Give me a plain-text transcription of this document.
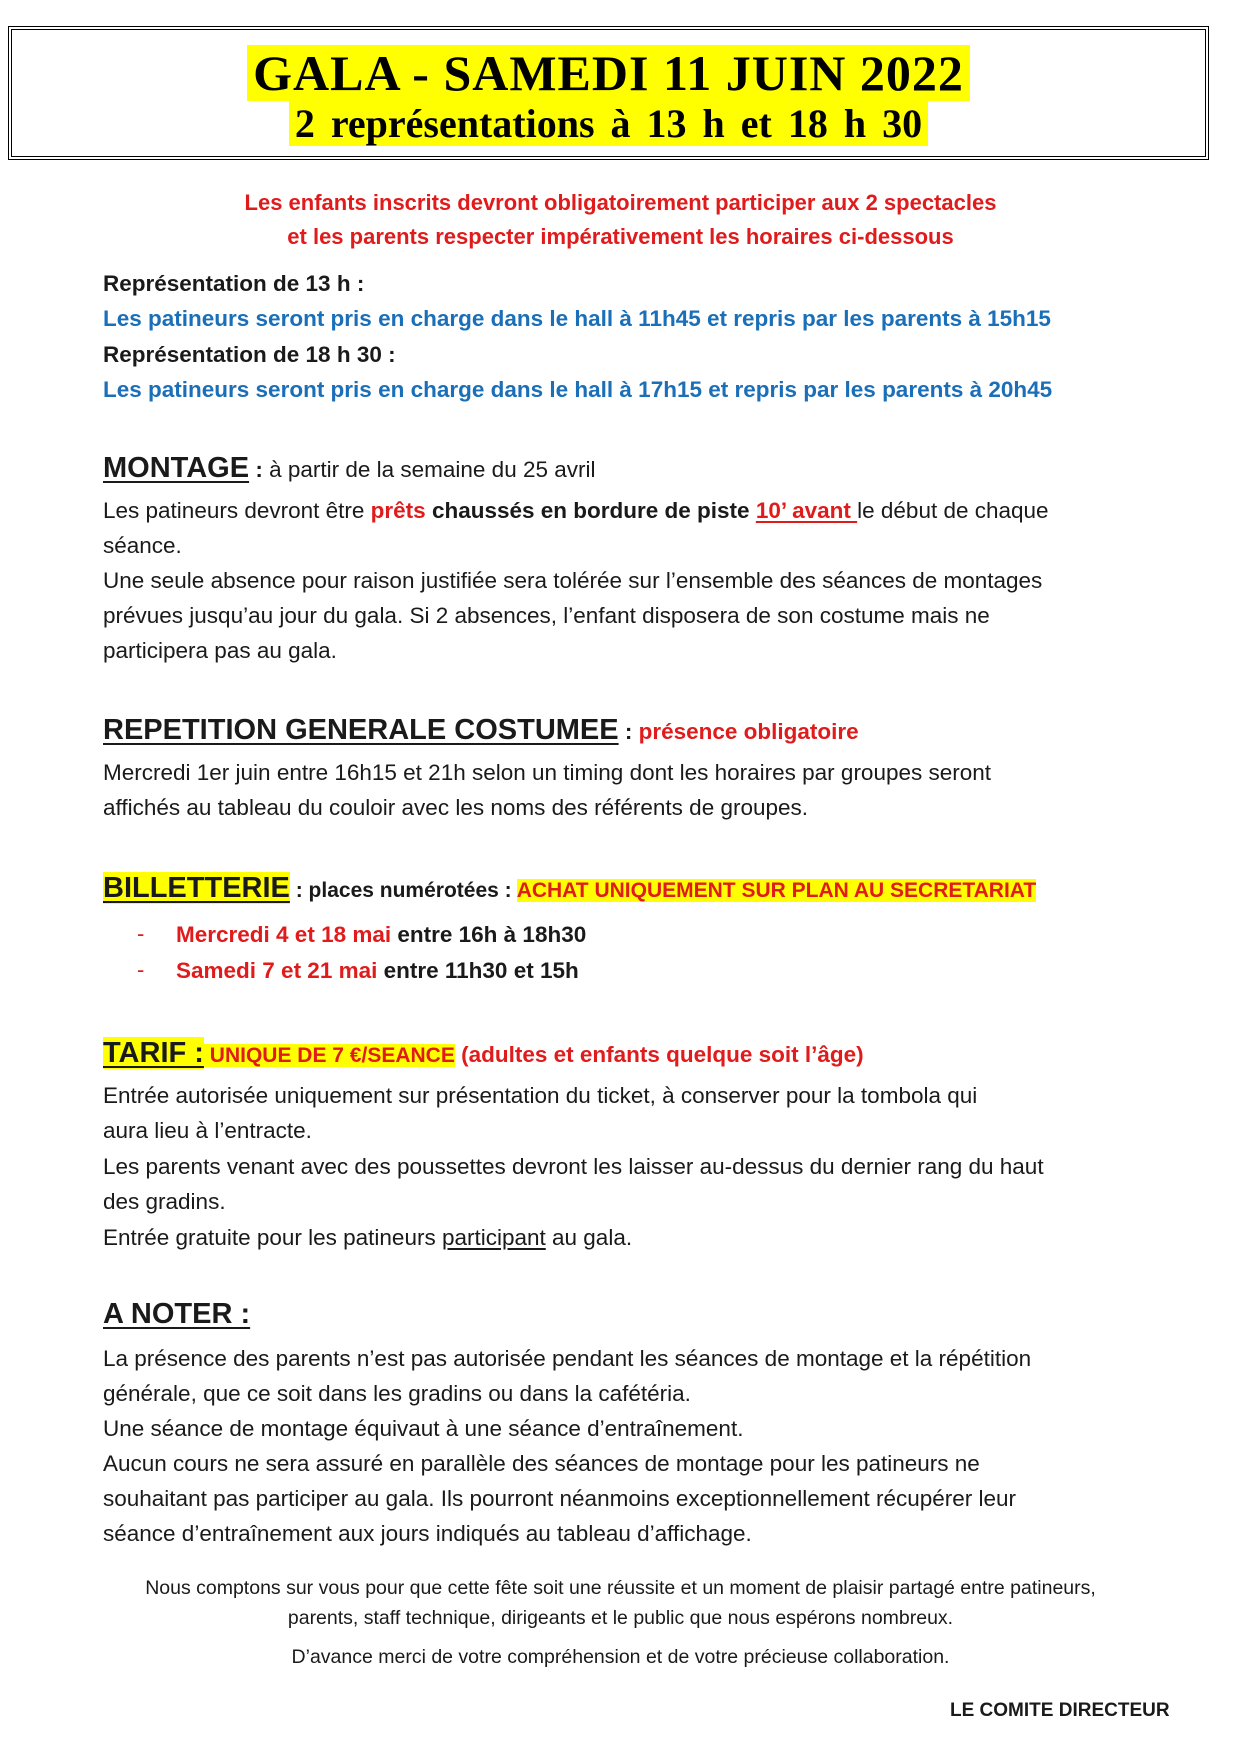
GALA - SAMEDI 11 JUIN 2022
2 représentations à 13 h et 18 h 30
Les enfants inscrits devront obligatoirement participer aux 2 spectacles
et les parents respecter impérativement les horaires ci-dessous
Représentation de 13 h :
Les patineurs seront pris en charge dans le hall à 11h45 et repris par les parents à 15h15
Représentation de 18 h 30 :
Les patineurs seront pris en charge dans le hall à 17h15 et repris par les parents à 20h45
MONTAGE : à partir de la semaine du 25 avril
Les patineurs devront être prêts chaussés en bordure de piste 10’ avant le début de chaque
séance.
Une seule absence pour raison justifiée sera tolérée sur l’ensemble des séances de montages
prévues jusqu’au jour du gala. Si 2 absences, l’enfant disposera de son costume mais ne
participera pas au gala.
REPETITION GENERALE COSTUMEE : présence obligatoire
Mercredi 1er juin entre 16h15 et 21h selon un timing dont les horaires par groupes seront
affichés au tableau du couloir avec les noms des référents de groupes.
BILLETTERIE : places numérotées : ACHAT UNIQUEMENT SUR PLAN AU SECRETARIAT
- Mercredi 4 et 18 mai entre 16h à 18h30
- Samedi 7 et 21 mai entre 11h30 et 15h
TARIF : UNIQUE DE 7 €/SEANCE (adultes et enfants quelque soit l’âge)
Entrée autorisée uniquement sur présentation du ticket, à conserver pour la tombola qui
aura lieu à l’entracte.
Les parents venant avec des poussettes devront les laisser au-dessus du dernier rang du haut
des gradins.
Entrée gratuite pour les patineurs participant au gala.
A NOTER :
La présence des parents n’est pas autorisée pendant les séances de montage et la répétition
générale, que ce soit dans les gradins ou dans la cafétéria.
Une séance de montage équivaut à une séance d’entraînement.
Aucun cours ne sera assuré en parallèle des séances de montage pour les patineurs ne
souhaitant pas participer au gala. Ils pourront néanmoins exceptionnellement récupérer leur
séance d’entraînement aux jours indiqués au tableau d’affichage.
Nous comptons sur vous pour que cette fête soit une réussite et un moment de plaisir partagé entre patineurs,
parents, staff technique, dirigeants et le public que nous espérons nombreux.
D’avance merci de votre compréhension et de votre précieuse collaboration.
LE COMITE DIRECTEUR
